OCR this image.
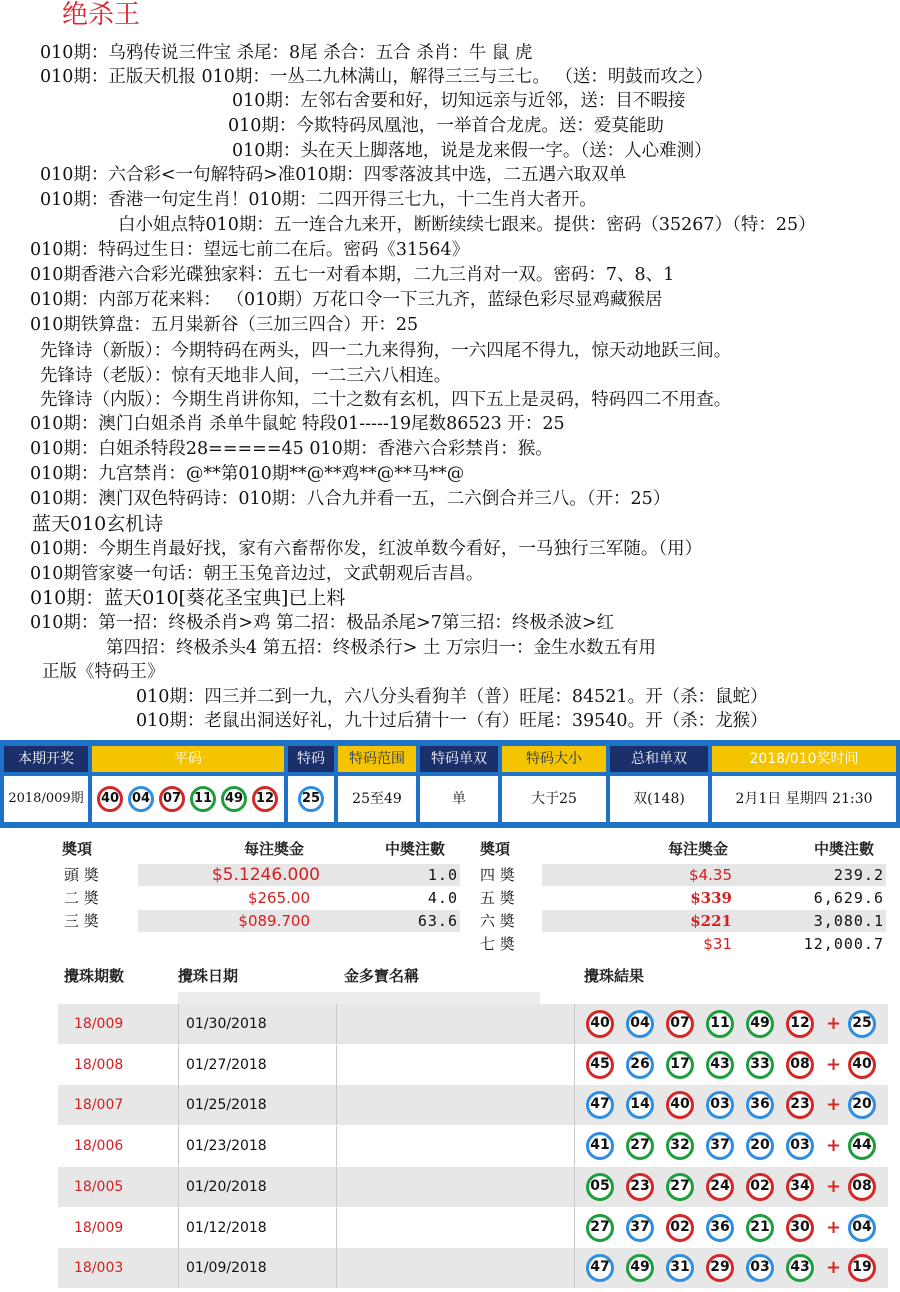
绝杀王
010期：乌鸦传说三件宝 杀尾：8尾 杀合：五合 杀肖：牛 鼠 虎
010期：正版天机报 010期：一丛二九林满山，解得三三与三七。 （送：明鼓而攻之）
010期：左邻右舍要和好，切知远亲与近邻，送：目不暇接
010期：今欺特码凤凰池，一举首合龙虎。送：爱莫能助
010期：头在天上脚落地，说是龙来假一字。（送：人心难测）
010期：六合彩<一句解特码>准010期：四零落波其中选，二五遇六取双单
010期：香港一句定生肖！010期：二四开得三七九，十二生肖大者开。
白小姐点特010期：五一连合九来开，断断续续七跟来。提供：密码（35267）（特：25）
010期：特码过生日：望远七前二在后。密码《31564》
010期香港六合彩光碟独家料：五七一对看本期，二九三肖对一双。密码：7、8、1
010期：内部万花来料： （010期）万花口令一下三九齐，蓝绿色彩尽显鸡藏猴居
010期铁算盘：五月粜新谷（三加三四合）开：25
先锋诗（新版）：今期特码在两头，四一二九来得狗，一六四尾不得九，惊天动地跃三间。
先锋诗（老版）：惊有天地非人间，一二三六八相连。
先锋诗（内版）：今期生肖讲你知，二十之数有玄机，四下五上是灵码，特码四二不用查。
010期：澳门白姐杀肖 杀单牛鼠蛇 特段01-----19尾数86523 开：25
010期：白姐杀特段28=====45 010期：香港六合彩禁肖：猴。
010期：九宫禁肖：@**第010期**@**鸡**@**马**@
010期：澳门双色特码诗：010期：八合九并看一五，二六倒合并三八。（开：25）
蓝天010玄机诗
010期：今期生肖最好找，家有六畜帮你发，红波单数今看好，一马独行三军随。（用）
010期管家婆一句话：朝王玉兔音边过，文武朝观后吉昌。
010期：蓝天010[葵花圣宝典]已上料
010期：第一招：终极杀肖>鸡 第二招：极品杀尾>7第三招：终极杀波>红
第四招：终极杀头4 第五招：终极杀行> 土 万宗归一：金生水数五有用
正版《特码王》
010期：四三并二到一九，六八分头看狗羊（普）旺尾：84521。开（杀：鼠蛇）
010期：老鼠出洞送好礼，九十过后猜十一（有）旺尾：39540。开（杀：龙猴）
本期开奖	平码	特码	特码范围	特码单双	特码大小	总和单双	2018/010奖时间
2018/009期	40 04 07 11 49 12	25	25至49	单	大于25	双(148)	2月1日 星期四 21:30
奬項	每注奬金	中奬注數 奬項	每注奬金	中奬注數
頭 奬	$5.1246.000	1.0
二 奬	$265.00	4.0
三 奬	$089.700	63.6
四 奬	$4.35	239.2
五 奬	$339	6,629.6
六 奬	$221	3,080.1
七 奬	$31	12,000.7
攪珠期數	攪珠日期	金多寶名稱	攪珠結果
18/009	01/30/2018	40	04	07	11	49	12 + 25
18/008	01/27/2018	45	26	17	43	33	08 + 40
18/007	01/25/2018	47	14	40	03	36	23 + 20
18/006	01/23/2018	41	27	32	37	20	03 + 44
18/005	01/20/2018	05	23	27	24	02	34 + 08
18/009	01/12/2018	27	37	02	36	21	30 + 04
18/003	01/09/2018	47	49	31	29	03	43 + 19
